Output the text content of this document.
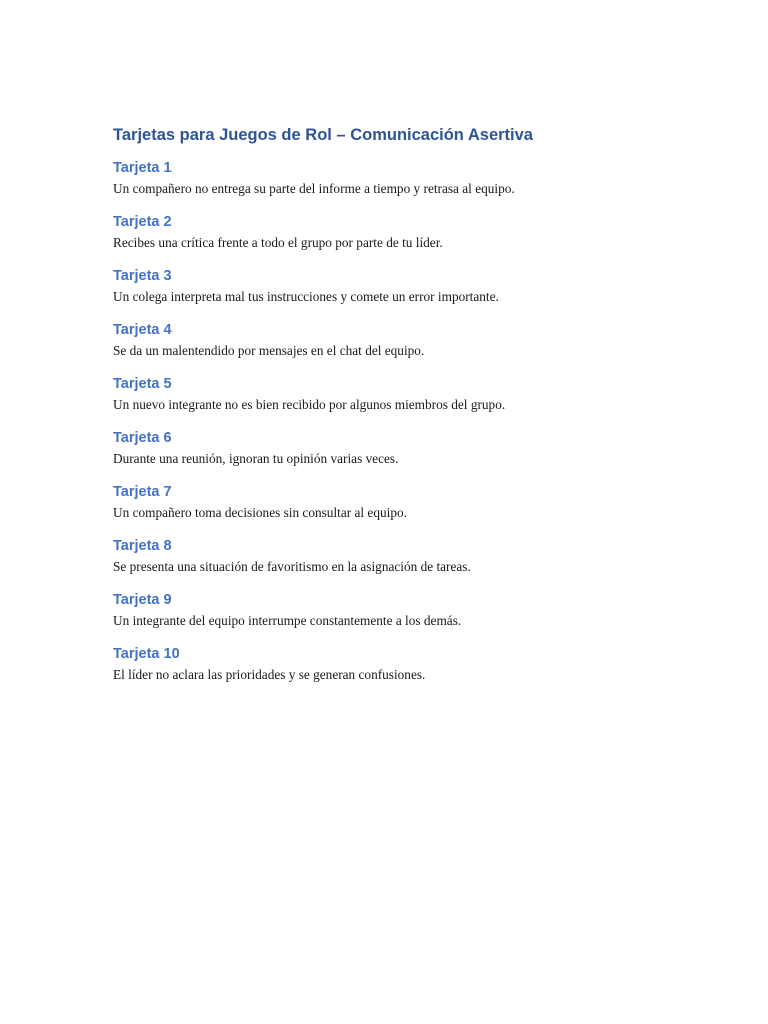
Tarjetas para Juegos de Rol – Comunicación Asertiva
Tarjeta 1

Un compañero no entrega su parte del informe a tiempo y retrasa al equipo.

Tarjeta 2

Recibes una crítica frente a todo el grupo por parte de tu líder.

Tarjeta 3

Un colega interpreta mal tus instrucciones y comete un error importante.

Tarjeta 4

Se da un malentendido por mensajes en el chat del equipo.

Tarjeta 5

Un nuevo integrante no es bien recibido por algunos miembros del grupo.

Tarjeta 6

Durante una reunión, ignoran tu opinión varias veces.

Tarjeta 7

Un compañero toma decisiones sin consultar al equipo.

Tarjeta 8

Se presenta una situación de favoritismo en la asignación de tareas.

Tarjeta 9

Un integrante del equipo interrumpe constantemente a los demás.

Tarjeta 10

El líder no aclara las prioridades y se generan confusiones.
